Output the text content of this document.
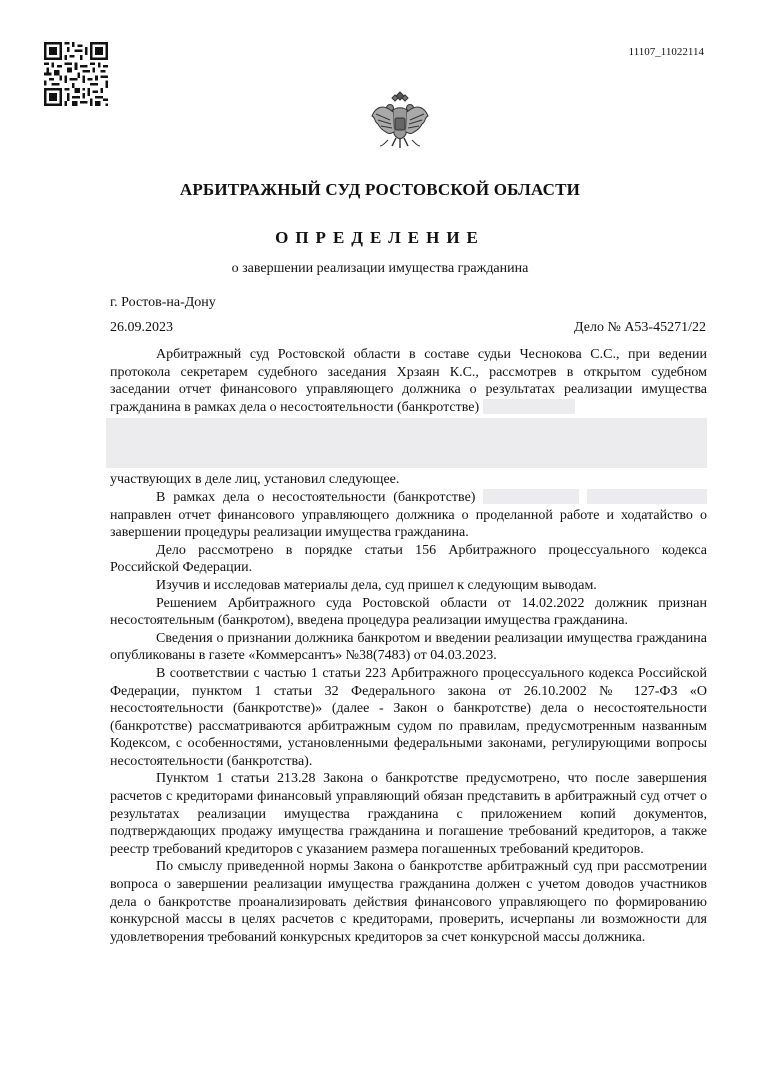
11107_11022114
АРБИТРАЖНЫЙ СУД РОСТОВСКОЙ ОБЛАСТИ
ОПРЕДЕЛЕНИЕ
о завершении реализации имущества гражданина
г. Ростов-на-Дону
26.09.2023	Дело № А53-45271/22

Арбитражный суд Ростовской области в составе судьи Чеснокова С.С., при ведении протокола секретарем судебного заседания Хрзаян К.С., рассмотрев в открытом судебном заседании отчет финансового управляющего должника о результатах реализации имущества гражданина в рамках дела о несостоятельности (банкротстве)

участвующих в деле лиц, установил следующее.

В рамках дела о несостоятельности (банкротстве)    направлен отчет финансового управляющего должника о проделанной работе и ходатайство о завершении процедуры реализации имущества гражданина.

Дело рассмотрено в порядке статьи 156 Арбитражного процессуального кодекса Российской Федерации.

Изучив и исследовав материалы дела, суд пришел к следующим выводам.

Решением Арбитражного суда Ростовской области от 14.02.2022 должник признан несостоятельным (банкротом), введена процедура реализации имущества гражданина.

Сведения о признании должника банкротом и введении реализации имущества гражданина опубликованы в газете «Коммерсантъ» №38(7483) от 04.03.2023.

В соответствии с частью 1 статьи 223 Арбитражного процессуального кодекса Российской Федерации, пунктом 1 статьи 32 Федерального закона от 26.10.2002 № 127-ФЗ «О несостоятельности (банкротстве)» (далее - Закон о банкротстве) дела о несостоятельности (банкротстве) рассматриваются арбитражным судом по правилам, предусмотренным названным Кодексом, с особенностями, установленными федеральными законами, регулирующими вопросы несостоятельности (банкротства).

Пунктом 1 статьи 213.28 Закона о банкротстве предусмотрено, что после завершения расчетов с кредиторами финансовый управляющий обязан представить в арбитражный суд отчет о результатах реализации имущества гражданина с приложением копий документов, подтверждающих продажу имущества гражданина и погашение требований кредиторов, а также реестр требований кредиторов с указанием размера погашенных требований кредиторов.

По смыслу приведенной нормы Закона о банкротстве арбитражный суд при рассмотрении вопроса о завершении реализации имущества гражданина должен с учетом доводов участников дела о банкротстве проанализировать действия финансового управляющего по формированию конкурсной массы в целях расчетов с кредиторами, проверить, исчерпаны ли возможности для удовлетворения требований конкурсных кредиторов за счет конкурсной массы должника.
